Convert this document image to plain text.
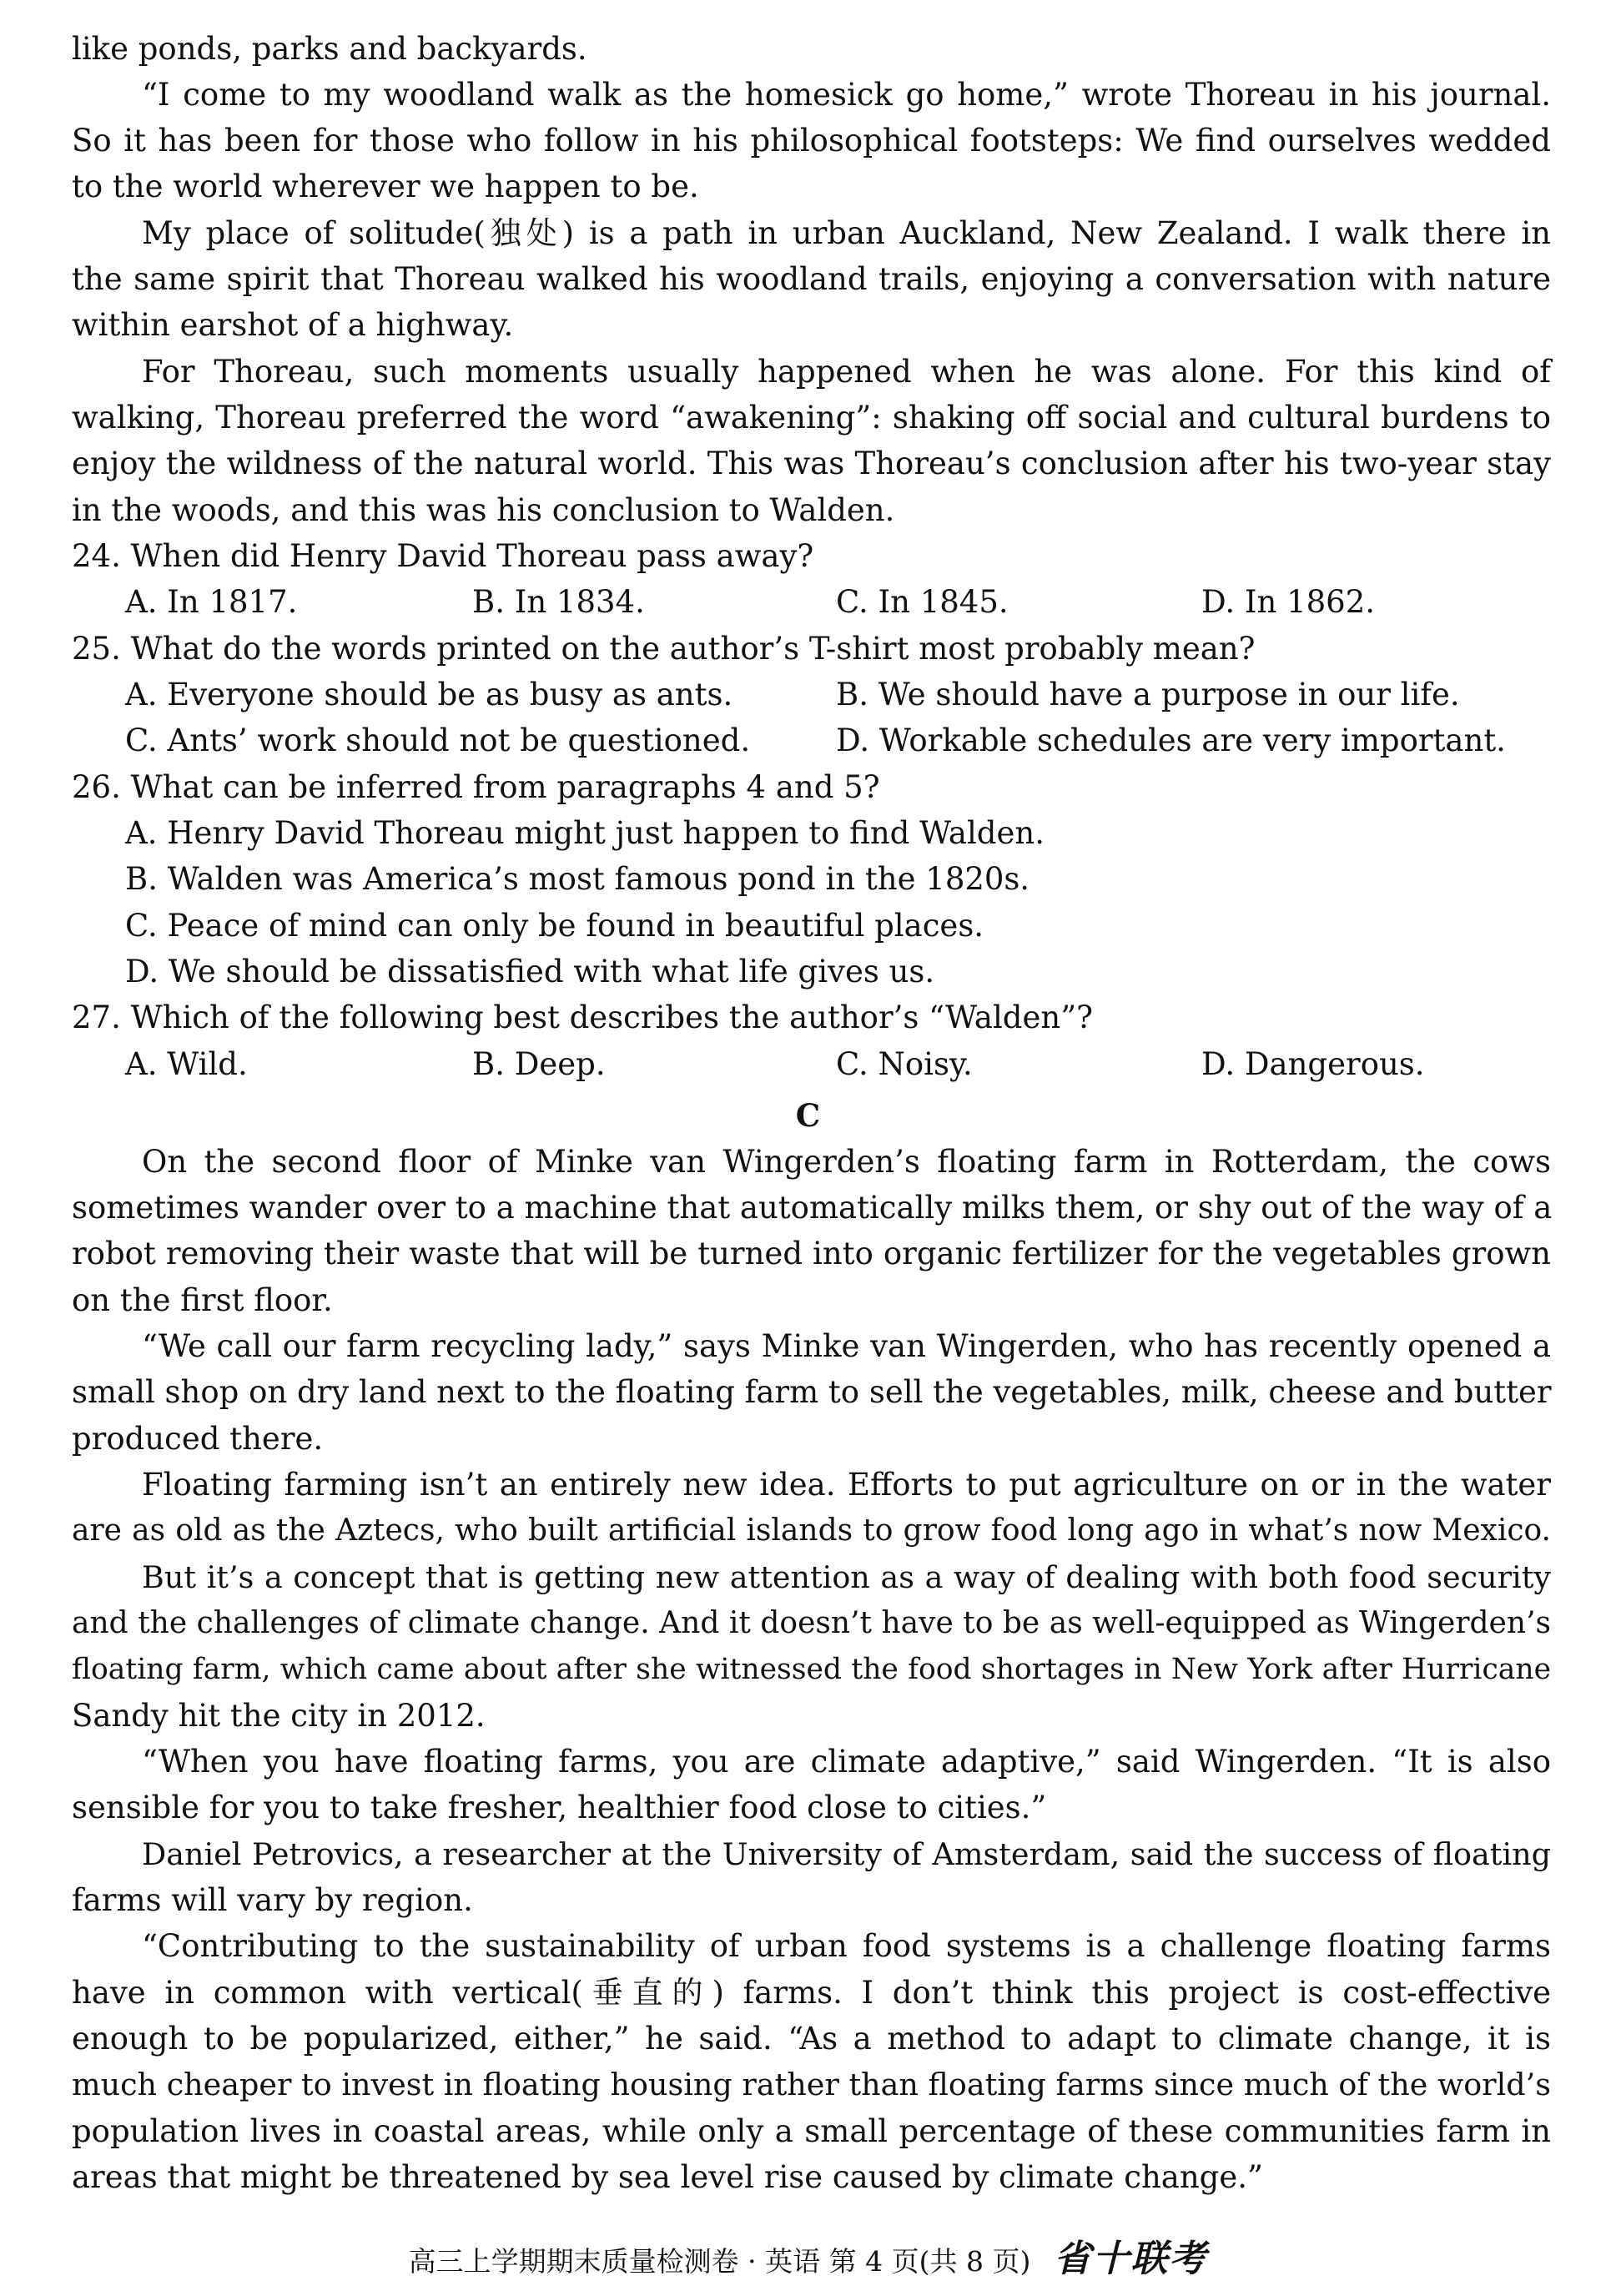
like ponds, parks and backyards.
“I come to my woodland walk as the homesick go home,” wrote Thoreau in his journal.
So it has been for those who follow in his philosophical footsteps: We find ourselves wedded
to the world wherever we happen to be.
My place of solitude(独处) is a path in urban Auckland, New Zealand. I walk there in
the same spirit that Thoreau walked his woodland trails, enjoying a conversation with nature
within earshot of a highway.
For Thoreau, such moments usually happened when he was alone. For this kind of
walking, Thoreau preferred the word “awakening”: shaking off social and cultural burdens to
enjoy the wildness of the natural world. This was Thoreau’s conclusion after his two-year stay
in the woods, and this was his conclusion to Walden.
24. When did Henry David Thoreau pass away?
A. In 1817.	B. In 1834.	C. In 1845.	D. In 1862.
25. What do the words printed on the author’s T-shirt most probably mean?
A. Everyone should be as busy as ants.	B. We should have a purpose in our life.
C. Ants’ work should not be questioned.	D. Workable schedules are very important.
26. What can be inferred from paragraphs 4 and 5?
A. Henry David Thoreau might just happen to find Walden.
B. Walden was America’s most famous pond in the 1820s.
C. Peace of mind can only be found in beautiful places.
D. We should be dissatisfied with what life gives us.
27. Which of the following best describes the author’s “Walden”?
A. Wild.	B. Deep.	C. Noisy.	D. Dangerous.
C
On the second floor of Minke van Wingerden’s floating farm in Rotterdam, the cows
sometimes wander over to a machine that automatically milks them, or shy out of the way of a
robot removing their waste that will be turned into organic fertilizer for the vegetables grown
on the first floor.
“We call our farm recycling lady,” says Minke van Wingerden, who has recently opened a
small shop on dry land next to the floating farm to sell the vegetables, milk, cheese and butter
produced there.
Floating farming isn’t an entirely new idea. Efforts to put agriculture on or in the water
are as old as the Aztecs, who built artificial islands to grow food long ago in what’s now Mexico.
But it’s a concept that is getting new attention as a way of dealing with both food security
and the challenges of climate change. And it doesn’t have to be as well-equipped as Wingerden’s
floating farm, which came about after she witnessed the food shortages in New York after Hurricane
Sandy hit the city in 2012.
“When you have floating farms, you are climate adaptive,” said Wingerden. “It is also
sensible for you to take fresher, healthier food close to cities.”
Daniel Petrovics, a researcher at the University of Amsterdam, said the success of floating
farms will vary by region.
“Contributing to the sustainability of urban food systems is a challenge floating farms
have in common with vertical(垂直的) farms. I don’t think this project is cost-effective
enough to be popularized, either,” he said. “As a method to adapt to climate change, it is
much cheaper to invest in floating housing rather than floating farms since much of the world’s
population lives in coastal areas, while only a small percentage of these communities farm in
areas that might be threatened by sea level rise caused by climate change.”
高三上学期期末质量检测卷 · 英语 第 4 页(共 8 页) 省十联考
